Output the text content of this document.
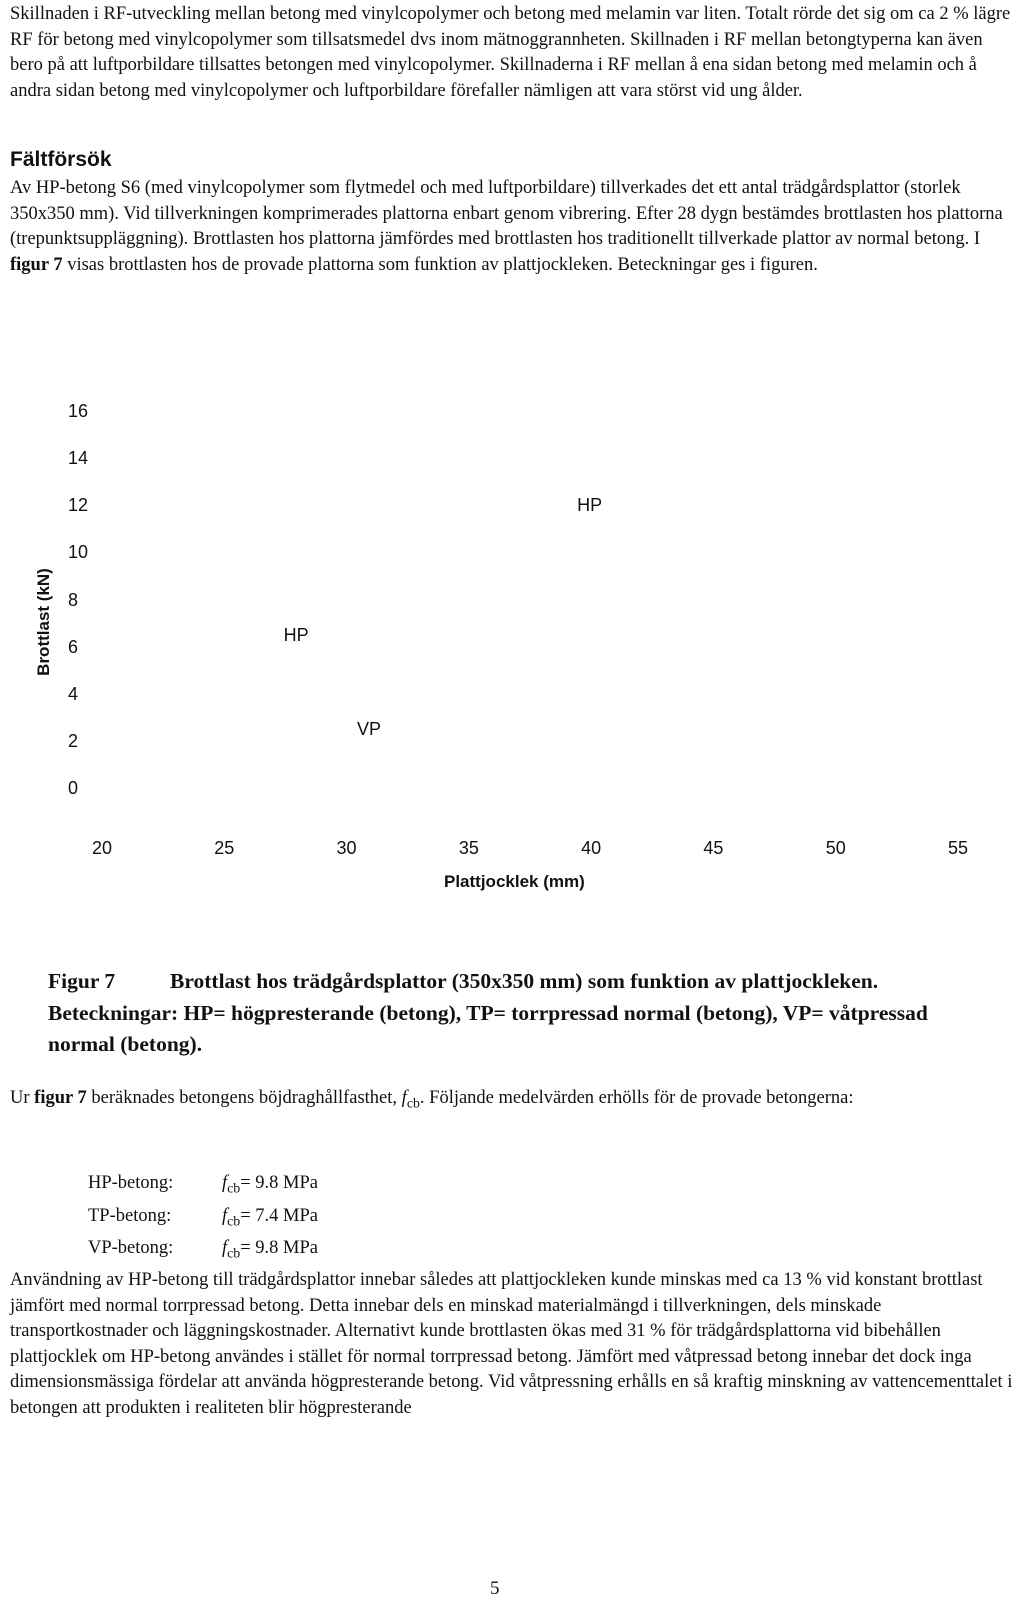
Skillnaden i RF-utveckling mellan betong med vinylcopolymer och betong med melamin var liten. Totalt rörde det sig om ca 2 % lägre RF för betong med vinylcopolymer som tillsatsmedel dvs inom mätnoggrannheten. Skillnaden i RF mellan betongtyperna kan även bero på att luftporbildare tillsattes betongen med vinylcopolymer. Skillnaderna i RF mellan å ena sidan betong med melamin och å andra sidan betong med vinylcopolymer och luftporbildare förefaller nämligen att vara störst vid ung ålder.

Fältförsök

Av HP-betong S6 (med vinylcopolymer som flytmedel och med luftporbildare) tillverkades det ett antal trädgårdsplattor (storlek 350x350 mm). Vid tillverkningen komprimerades plattorna enbart genom vibrering. Efter 28 dygn bestämdes brottlasten hos plattorna (trepunktsuppläggning). Brottlasten hos plattorna jämfördes med brottlasten hos traditionellt tillverkade plattor av normal betong. I figur 7 visas brottlasten hos de provade plattorna som funktion av plattjockleken. Beteckningar ges i figuren.

Brottlast (kN)
16
14
12
10
8
6
4
2
0
20	25	30	35	40	45	50	55
HP
HP
VP
Plattjocklek (mm)

Figur 7	Brottlast hos trädgårdsplattor (350x350 mm) som funktion av plattjockleken. Beteckningar: HP= högpresterande (betong), TP= torrpressad normal (betong), VP= våtpressad normal (betong).

Ur figur 7 beräknades betongens böjdraghållfasthet, $f_{cb}$. Följande medelvärden erhölls för de provade betongerna:

HP-betong:	$f_{cb}= 9.8$ MPa
TP-betong:	$f_{cb}= 7.4$ MPa
VP-betong:	$f_{cb}= 9.8$ MPa

Användning av HP-betong till trädgårdsplattor innebar således att plattjockleken kunde minskas med ca 13 % vid konstant brottlast jämfört med normal torrpressad betong. Detta innebar dels en minskad materialmängd i tillverkningen, dels minskade transportkostnader och läggningskostnader. Alternativt kunde brottlasten ökas med 31 % för trädgårdsplattorna vid bibehållen plattjocklek om HP-betong användes i stället för normal torrpressad betong. Jämfört med våtpressad betong innebar det dock inga dimensionsmässiga fördelar att använda högpresterande betong. Vid våtpressning erhålls en så kraftig minskning av vattencementtalet i betongen att produkten i realiteten blir högpresterande

5
